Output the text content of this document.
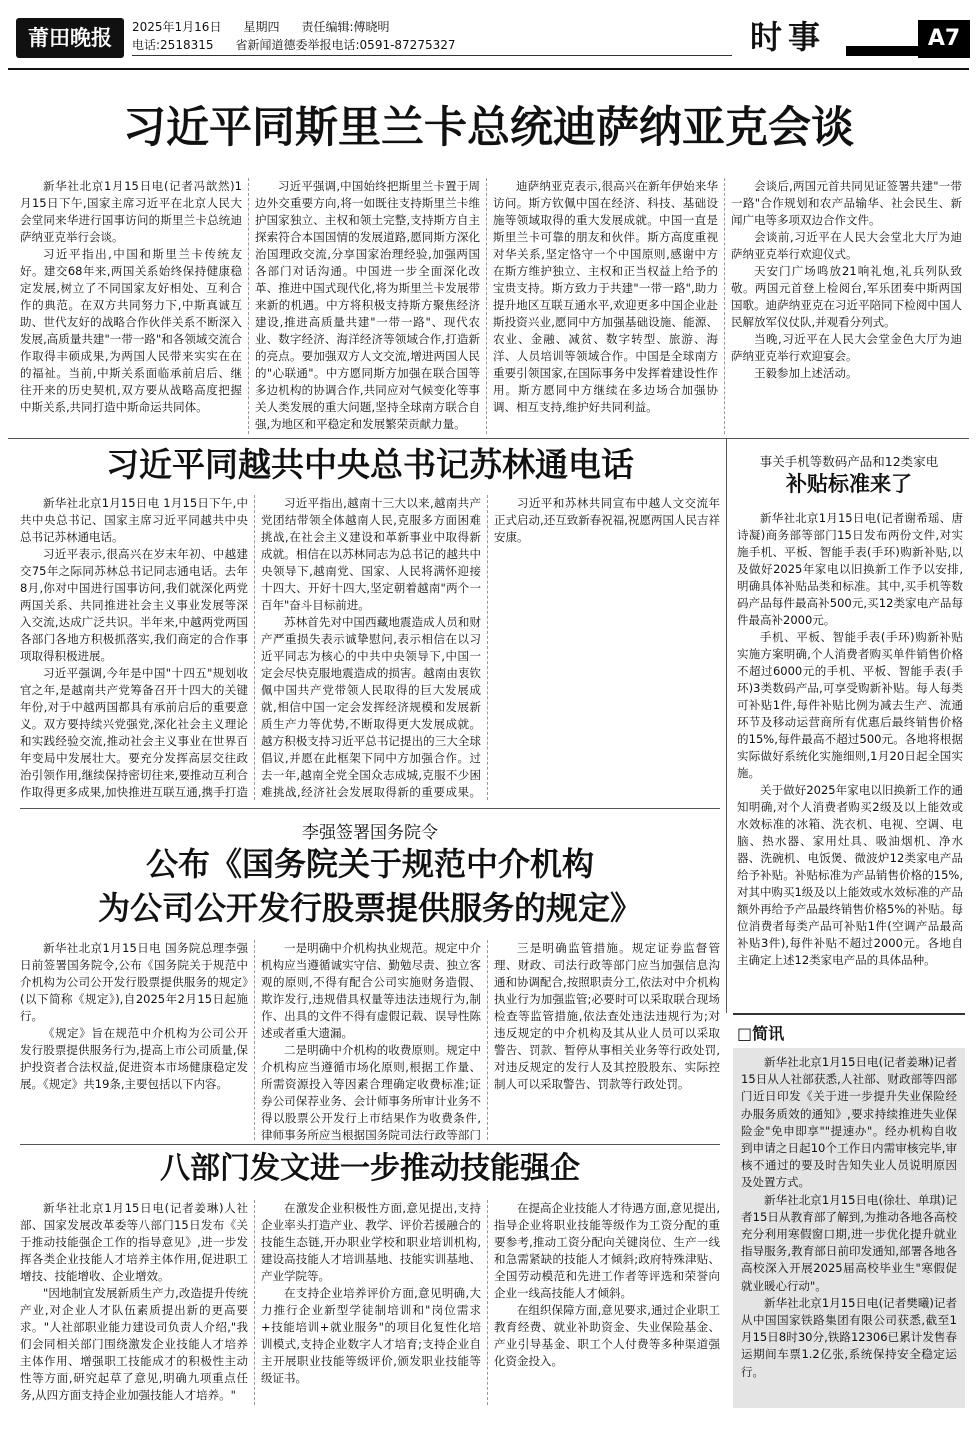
莆田晚报	2025年1月16日 星期四 责任编辑:傅晓明
电话:2518315 省新闻道德委举报电话:0591-87275327	时事	A7
习近平同斯里兰卡总统迪萨纳亚克会谈

新华社北京1月15日电(记者冯歆然)1月15日下午,国家主席习近平在北京人民大会堂同来华进行国事访问的斯里兰卡总统迪萨纳亚克举行会谈。

习近平指出,中国和斯里兰卡传统友好。建交68年来,两国关系始终保持健康稳定发展,树立了不同国家友好相处、互利合作的典范。在双方共同努力下,中斯真诚互助、世代友好的战略合作伙伴关系不断深入发展,高质量共建"一带一路"和各领域交流合作取得丰硕成果,为两国人民带来实实在在的福祉。当前,中斯关系面临承前启后、继往开来的历史契机,双方要从战略高度把握中斯关系,共同打造中斯命运共同体。

习近平强调,中国始终把斯里兰卡置于周边外交重要方向,将一如既往支持斯里兰卡维护国家独立、主权和领土完整,支持斯方自主探索符合本国国情的发展道路,愿同斯方深化治国理政交流,分享国家治理经验,加强两国各部门对话沟通。中国进一步全面深化改革、推进中国式现代化,将为斯里兰卡发展带来新的机遇。中方将积极支持斯方聚焦经济建设,推进高质量共建"一带一路"、现代农业、数字经济、海洋经济等领域合作,打造新的亮点。要加强双方人文交流,增进两国人民的"心联通"。中方愿同斯方加强在联合国等多边机构的协调合作,共同应对气候变化等事关人类发展的重大问题,坚持全球南方联合自强,为地区和平稳定和发展繁荣贡献力量。

迪萨纳亚克表示,很高兴在新年伊始来华访问。斯方钦佩中国在经济、科技、基础设施等领域取得的重大发展成就。中国一直是斯里兰卡可靠的朋友和伙伴。斯方高度重视对华关系,坚定恪守一个中国原则,感谢中方在斯方维护独立、主权和正当权益上给予的宝贵支持。斯方致力于共建"一带一路",助力提升地区互联互通水平,欢迎更多中国企业赴斯投资兴业,愿同中方加强基础设施、能源、农业、金融、减贫、数字转型、旅游、海洋、人员培训等领域合作。中国是全球南方重要引领国家,在国际事务中发挥着建设性作用。斯方愿同中方继续在多边场合加强协调、相互支持,维护好共同利益。

会谈后,两国元首共同见证签署共建"一带一路"合作规划和农产品输华、社会民生、新闻广电等多项双边合作文件。

会谈前,习近平在人民大会堂北大厅为迪萨纳亚克举行欢迎仪式。

天安门广场鸣放21响礼炮,礼兵列队致敬。两国元首登上检阅台,军乐团奏中斯两国国歌。迪萨纳亚克在习近平陪同下检阅中国人民解放军仪仗队,并观看分列式。

当晚,习近平在人民大会堂金色大厅为迪萨纳亚克举行欢迎宴会。

王毅参加上述活动。

习近平同越共中央总书记苏林通电话

新华社北京1月15日电 1月15日下午,中共中央总书记、国家主席习近平同越共中央总书记苏林通电话。

习近平表示,很高兴在岁末年初、中越建交75年之际同苏林总书记同志通电话。去年8月,你对中国进行国事访问,我们就深化两党两国关系、共同推进社会主义事业发展等深入交流,达成广泛共识。半年来,中越两党两国各部门各地方积极抓落实,我们商定的合作事项取得积极进展。

习近平强调,今年是中国"十四五"规划收官之年,是越南共产党筹备召开十四大的关键年份,对于中越两国都具有承前启后的重要意义。双方要持续兴党强党,深化社会主义理论和实践经验交流,推动社会主义事业在世界百年变局中发展壮大。要充分发挥高层交往政治引领作用,继续保持密切往来,要推动互利合作取得更多成果,加快推进互联互通,携手打造

习近平指出,越南十三大以来,越南共产党团结带领全体越南人民,克服多方面困难挑战,在社会主义建设和革新事业中取得新成就。相信在以苏林同志为总书记的越共中央领导下,越南党、国家、人民将满怀迎接十四大、开好十四大,坚定朝着越南"两个一百年"奋斗目标前进。

苏林首先对中国西藏地震造成人员和财产严重损失表示诚挚慰问,表示相信在以习近平同志为核心的中共中央领导下,中国一定会尽快克服地震造成的损害。越南由衷钦佩中国共产党带领人民取得的巨大发展成就,相信中国一定会发挥经济规模和发展新质生产力等优势,不断取得更大发展成就。越方积极支持习近平总书记提出的三大全球倡议,并愿在此框架下同中方加强合作。过去一年,越南全党全国众志成城,克服不少困难挑战,经济社会发展取得新的重要成果。

习近平和苏林共同宣布中越人文交流年正式启动,还互致新春祝福,祝愿两国人民吉祥安康。

事关手机等数码产品和12类家电
补贴标准来了

新华社北京1月15日电(记者谢希瑶、唐诗凝)商务部等部门15日发布两份文件,对实施手机、平板、智能手表(手环)购新补贴,以及做好2025年家电以旧换新工作予以安排,明确具体补贴品类和标准。其中,买手机等数码产品每件最高补500元,买12类家电产品每件最高补2000元。

手机、平板、智能手表(手环)购新补贴实施方案明确,个人消费者购买单件销售价格不超过6000元的手机、平板、智能手表(手环)3类数码产品,可享受购新补贴。每人每类可补贴1件,每件补贴比例为减去生产、流通环节及移动运营商所有优惠后最终销售价格的15%,每件最高不超过500元。各地将根据实际做好系统化实施细则,1月20日起全国实施。

关于做好2025年家电以旧换新工作的通知明确,对个人消费者购买2级及以上能效或水效标准的冰箱、洗衣机、电视、空调、电脑、热水器、家用灶具、吸油烟机、净水器、洗碗机、电饭煲、微波炉12类家电产品给予补贴。补贴标准为产品销售价格的15%,对其中购买1级及以上能效或水效标准的产品额外再给予产品最终销售价格5%的补贴。每位消费者每类产品可补贴1件(空调产品最高补贴3件),每件补贴不超过2000元。各地自主确定上述12类家电产品的具体品种。

李强签署国务院令
公布《国务院关于规范中介机构
为公司公开发行股票提供服务的规定》

新华社北京1月15日电 国务院总理李强日前签署国务院令,公布《国务院关于规范中介机构为公司公开发行股票提供服务的规定》(以下简称《规定》),自2025年2月15日起施行。

《规定》旨在规范中介机构为公司公开发行股票提供服务行为,提高上市公司质量,保护投资者合法权益,促进资本市场健康稳定发展。《规定》共19条,主要包括以下内容。

一是明确中介机构执业规范。规定中介机构应当遵循诚实守信、勤勉尽责、独立客观的原则,不得有配合公司实施财务造假、欺诈发行,违规借具权量等违法违规行为,制作、出具的文件不得有虚假记载、误导性陈述或者重大遗漏。

二是明确中介机构的收费原则。规定中介机构应当遵循市场化原则,根据工作量、所需资源投入等因素合理确定收费标准;证券公司保荐业务、会计师事务所审计业务不得以股票公开发行上市结果作为收费条件,律师事务所应当根据国务院司法行政等部门

三是明确监管措施。规定证券监督管理、财政、司法行政等部门应当加强信息沟通和协调配合,按照职责分工,依法对中介机构执业行为加强监管;必要时可以采取联合现场检查等监管措施,依法查处违法违规行为;对违反规定的中介机构及其从业人员可以采取警告、罚款、暂停从事相关业务等行政处罚,对违反规定的发行人及其控股股东、实际控制人可以采取警告、罚款等行政处罚。

八部门发文进一步推动技能强企

新华社北京1月15日电(记者姜琳)人社部、国家发展改革委等八部门15日发布《关于推动技能强企工作的指导意见》,进一步发挥各类企业技能人才培养主体作用,促进职工增技、技能增收、企业增效。

"因地制宜发展新质生产力,改造提升传统产业,对企业人才队伍素质提出新的更高要求。"人社部职业能力建设司负责人介绍,"我们会同相关部门围绕激发企业技能人才培养主体作用、增强职工技能成才的积极性主动性等方面,研究起草了意见,明确九项重点任务,从四方面支持企业加强技能人才培养。"

在激发企业积极性方面,意见提出,支持企业率头打造产业、教学、评价若援融合的技能生态链,开办职业学校和职业培训机构,建设高技能人才培训基地、技能实训基地、产业学院等。

在支持企业培养评价方面,意见明确,大力推行企业新型学徒制培训和"岗位需求+技能培训+就业服务"的项目化复性化培训模式,支持企业数字人才培育;支持企业自主开展职业技能等级评价,颁发职业技能等级证书。

在提高企业技能人才待遇方面,意见提出,指导企业将职业技能等级作为工资分配的重要参考,推动工资分配向关键岗位、生产一线和急需紧缺的技能人才倾斜;政府特殊津贴、全国劳动模范和先进工作者等评选和荣誉向企业一线高技能人才倾斜。

在组织保障方面,意见要求,通过企业职工教育经费、就业补助资金、失业保险基金、产业引导基金、职工个人付费等多种渠道强化资金投入。

□简讯

新华社北京1月15日电(记者姜琳)记者15日从人社部获悉,人社部、财政部等四部门近日印发《关于进一步提升失业保险经办服务质效的通知》,要求持续推进失业保险金"免申即享""提速办"。经办机构自收到申请之日起10个工作日内需审核完毕,审核不通过的要及时告知失业人员说明原因及处置方式。

新华社北京1月15日电(徐壮、单琪)记者15日从教育部了解到,为推动各地各高校充分利用寒假窗口期,进一步优化提升就业指导服务,教育部日前印发通知,部署各地各高校深入开展2025届高校毕业生"寒假促就业暖心行动"。

新华社北京1月15日电(记者樊曦)记者从中国国家铁路集团有限公司获悉,截至1月15日8时30分,铁路12306已累计发售春运期间车票1.2亿张,系统保持安全稳定运行。
